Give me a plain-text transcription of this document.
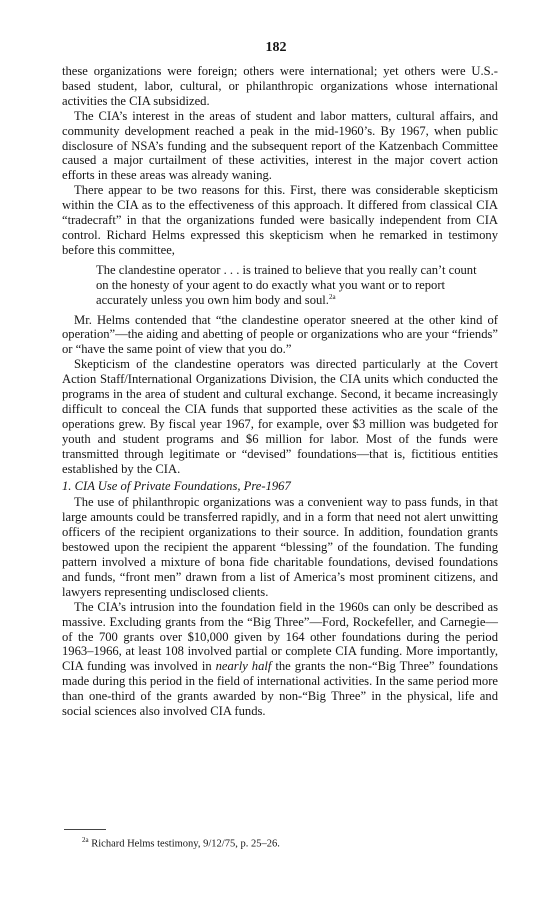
182

these organizations were foreign; others were international; yet others were U.S.-based student, labor, cultural, or philanthropic organizations whose international activities the CIA subsidized.

The CIA’s interest in the areas of student and labor matters, cultural affairs, and community development reached a peak in the mid-1960’s. By 1967, when public disclosure of NSA’s funding and the subsequent report of the Katzenbach Committee caused a major curtailment of these activities, interest in the major covert action efforts in these areas was already waning.

There appear to be two reasons for this. First, there was considerable skepticism within the CIA as to the effectiveness of this approach. It differed from classical CIA “tradecraft” in that the organizations funded were basically independent from CIA control. Richard Helms expressed this skepticism when he remarked in testimony before this committee,

The clandestine operator . . . is trained to believe that you really can’t count on the honesty of your agent to do exactly what you want or to report accurately unless you own him body and soul.$^{2a}$

Mr. Helms contended that “the clandestine operator sneered at the other kind of operation”—the aiding and abetting of people or organizations who are your “friends” or “have the same point of view that you do.”

Skepticism of the clandestine operators was directed particularly at the Covert Action Staff/International Organizations Division, the CIA units which conducted the programs in the area of student and cultural exchange. Second, it became increasingly difficult to conceal the CIA funds that supported these activities as the scale of the operations grew. By fiscal year 1967, for example, over $3 million was budgeted for youth and student programs and $6 million for labor. Most of the funds were transmitted through legitimate or “devised” foundations—that is, fictitious entities established by the CIA.

1. CIA Use of Private Foundations, Pre-1967

The use of philanthropic organizations was a convenient way to pass funds, in that large amounts could be transferred rapidly, and in a form that need not alert unwitting officers of the recipient organizations to their source. In addition, foundation grants bestowed upon the recipient the apparent “blessing” of the foundation. The funding pattern involved a mixture of bona fide charitable foundations, devised foundations and funds, “front men” drawn from a list of America’s most prominent citizens, and lawyers representing undisclosed clients.

The CIA’s intrusion into the foundation field in the 1960s can only be described as massive. Excluding grants from the “Big Three”—Ford, Rockefeller, and Carnegie—of the 700 grants over $10,000 given by 164 other foundations during the period 1963–1966, at least 108 involved partial or complete CIA funding. More importantly, CIA funding was involved in nearly half the grants the non-“Big Three” foundations made during this period in the field of international activities. In the same period more than one-third of the grants awarded by non-“Big Three” in the physical, life and social sciences also involved CIA funds.

$^{2a}$ Richard Helms testimony, 9/12/75, p. 25–26.
